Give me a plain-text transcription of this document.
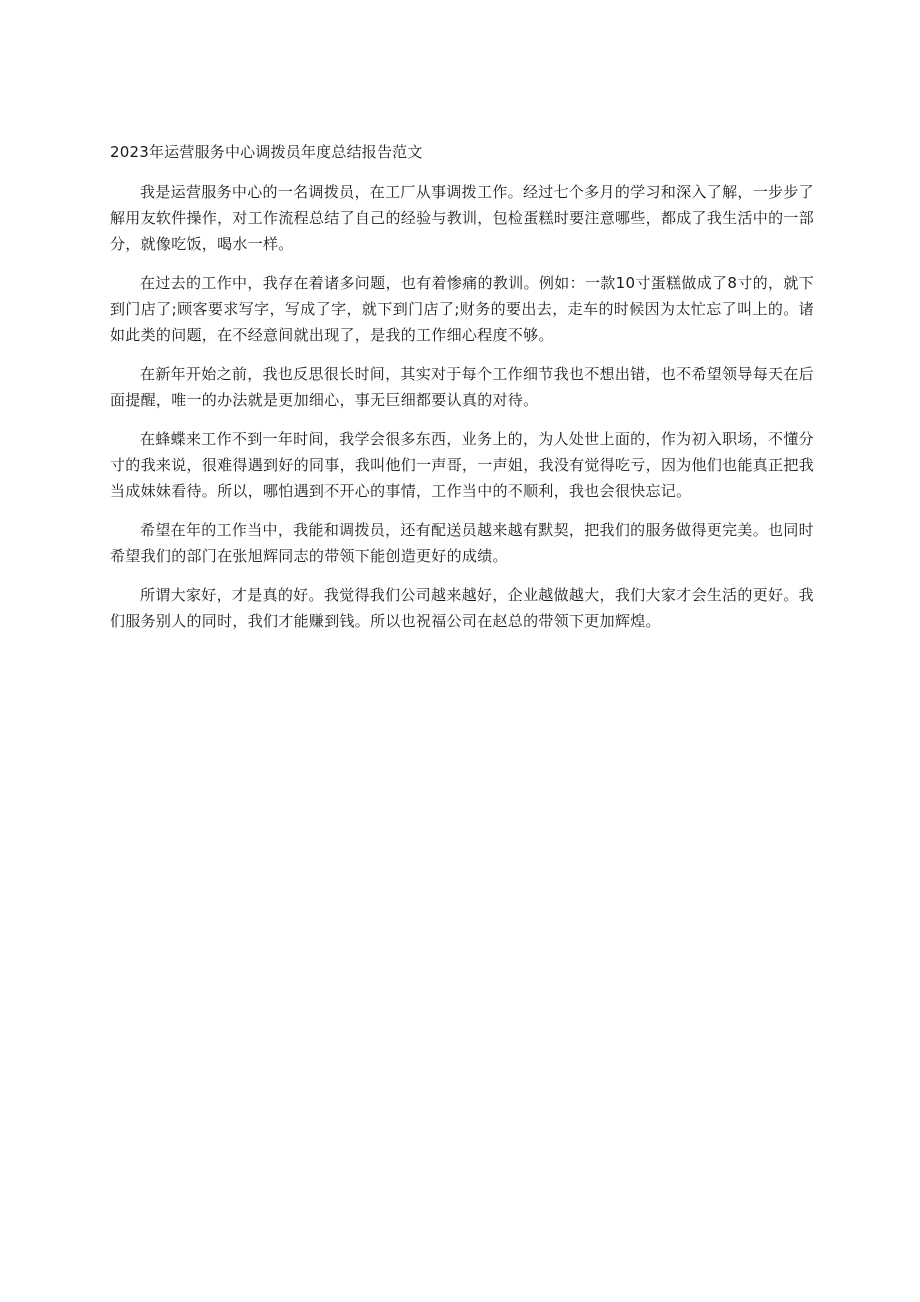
2023年运营服务中心调拨员年度总结报告范文

我是运营服务中心的一名调拨员，在工厂从事调拨工作。经过七个多月的学习和深入了解，一步步了解用友软件操作，对工作流程总结了自己的经验与教训，包检蛋糕时要注意哪些，都成了我生活中的一部分，就像吃饭，喝水一样。

在过去的工作中，我存在着诸多问题，也有着惨痛的教训。例如：一款10寸蛋糕做成了8寸的，就下到门店了;顾客要求写字，写成了字，就下到门店了;财务的要出去，走车的时候因为太忙忘了叫上的。诸如此类的问题，在不经意间就出现了，是我的工作细心程度不够。

在新年开始之前，我也反思很长时间，其实对于每个工作细节我也不想出错，也不希望领导每天在后面提醒，唯一的办法就是更加细心，事无巨细都要认真的对待。

在蜂蝶来工作不到一年时间，我学会很多东西，业务上的，为人处世上面的，作为初入职场，不懂分寸的我来说，很难得遇到好的同事，我叫他们一声哥，一声姐，我没有觉得吃亏，因为他们也能真正把我当成妹妹看待。所以，哪怕遇到不开心的事情，工作当中的不顺利，我也会很快忘记。

希望在年的工作当中，我能和调拨员，还有配送员越来越有默契，把我们的服务做得更完美。也同时希望我们的部门在张旭辉同志的带领下能创造更好的成绩。

所谓大家好，才是真的好。我觉得我们公司越来越好，企业越做越大，我们大家才会生活的更好。我们服务别人的同时，我们才能赚到钱。所以也祝福公司在赵总的带领下更加辉煌。
